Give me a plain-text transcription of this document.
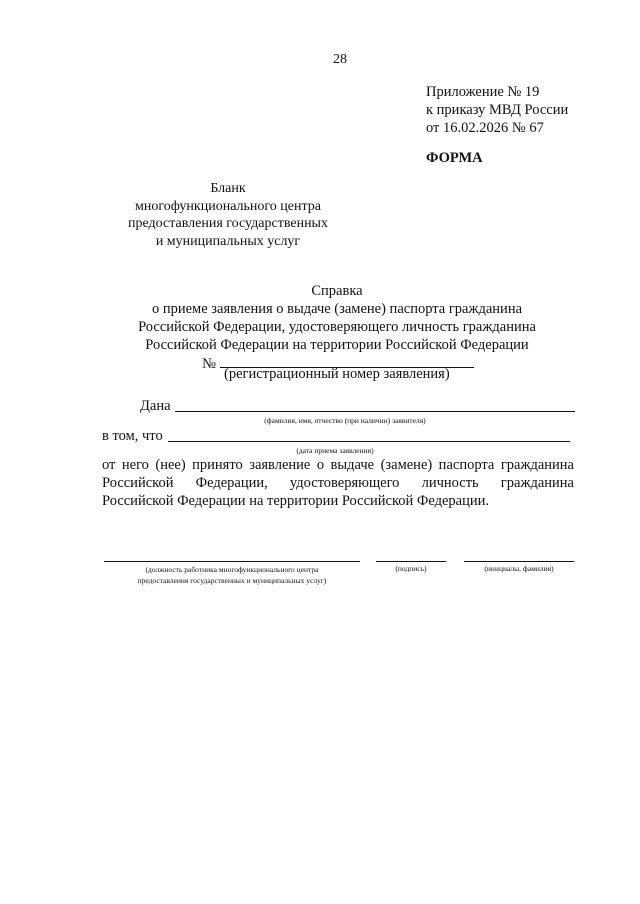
28
Приложение № 19
к приказу МВД России
от 16.02.2026 № 67
ФОРМА
Бланк
многофункционального центра
предоставления государственных
и муниципальных услуг
Справка
о приеме заявления о выдаче (замене) паспорта гражданина
Российской Федерации, удостоверяющего личность гражданина
Российской Федерации на территории Российской Федерации
№
(регистрационный номер заявления)
Дана
(фамилия, имя, отчество (при наличии) заявителя)
в том, что
(дата приема заявления)
от него (нее) принято заявление о выдаче (замене) паспорта гражданина Российской Федерации, удостоверяющего личность гражданина Российской Федерации на территории Российской Федерации.
(должность работника многофункционального центра
предоставления государственных и муниципальных услуг)
(подпись)	(инициалы, фамилия)
